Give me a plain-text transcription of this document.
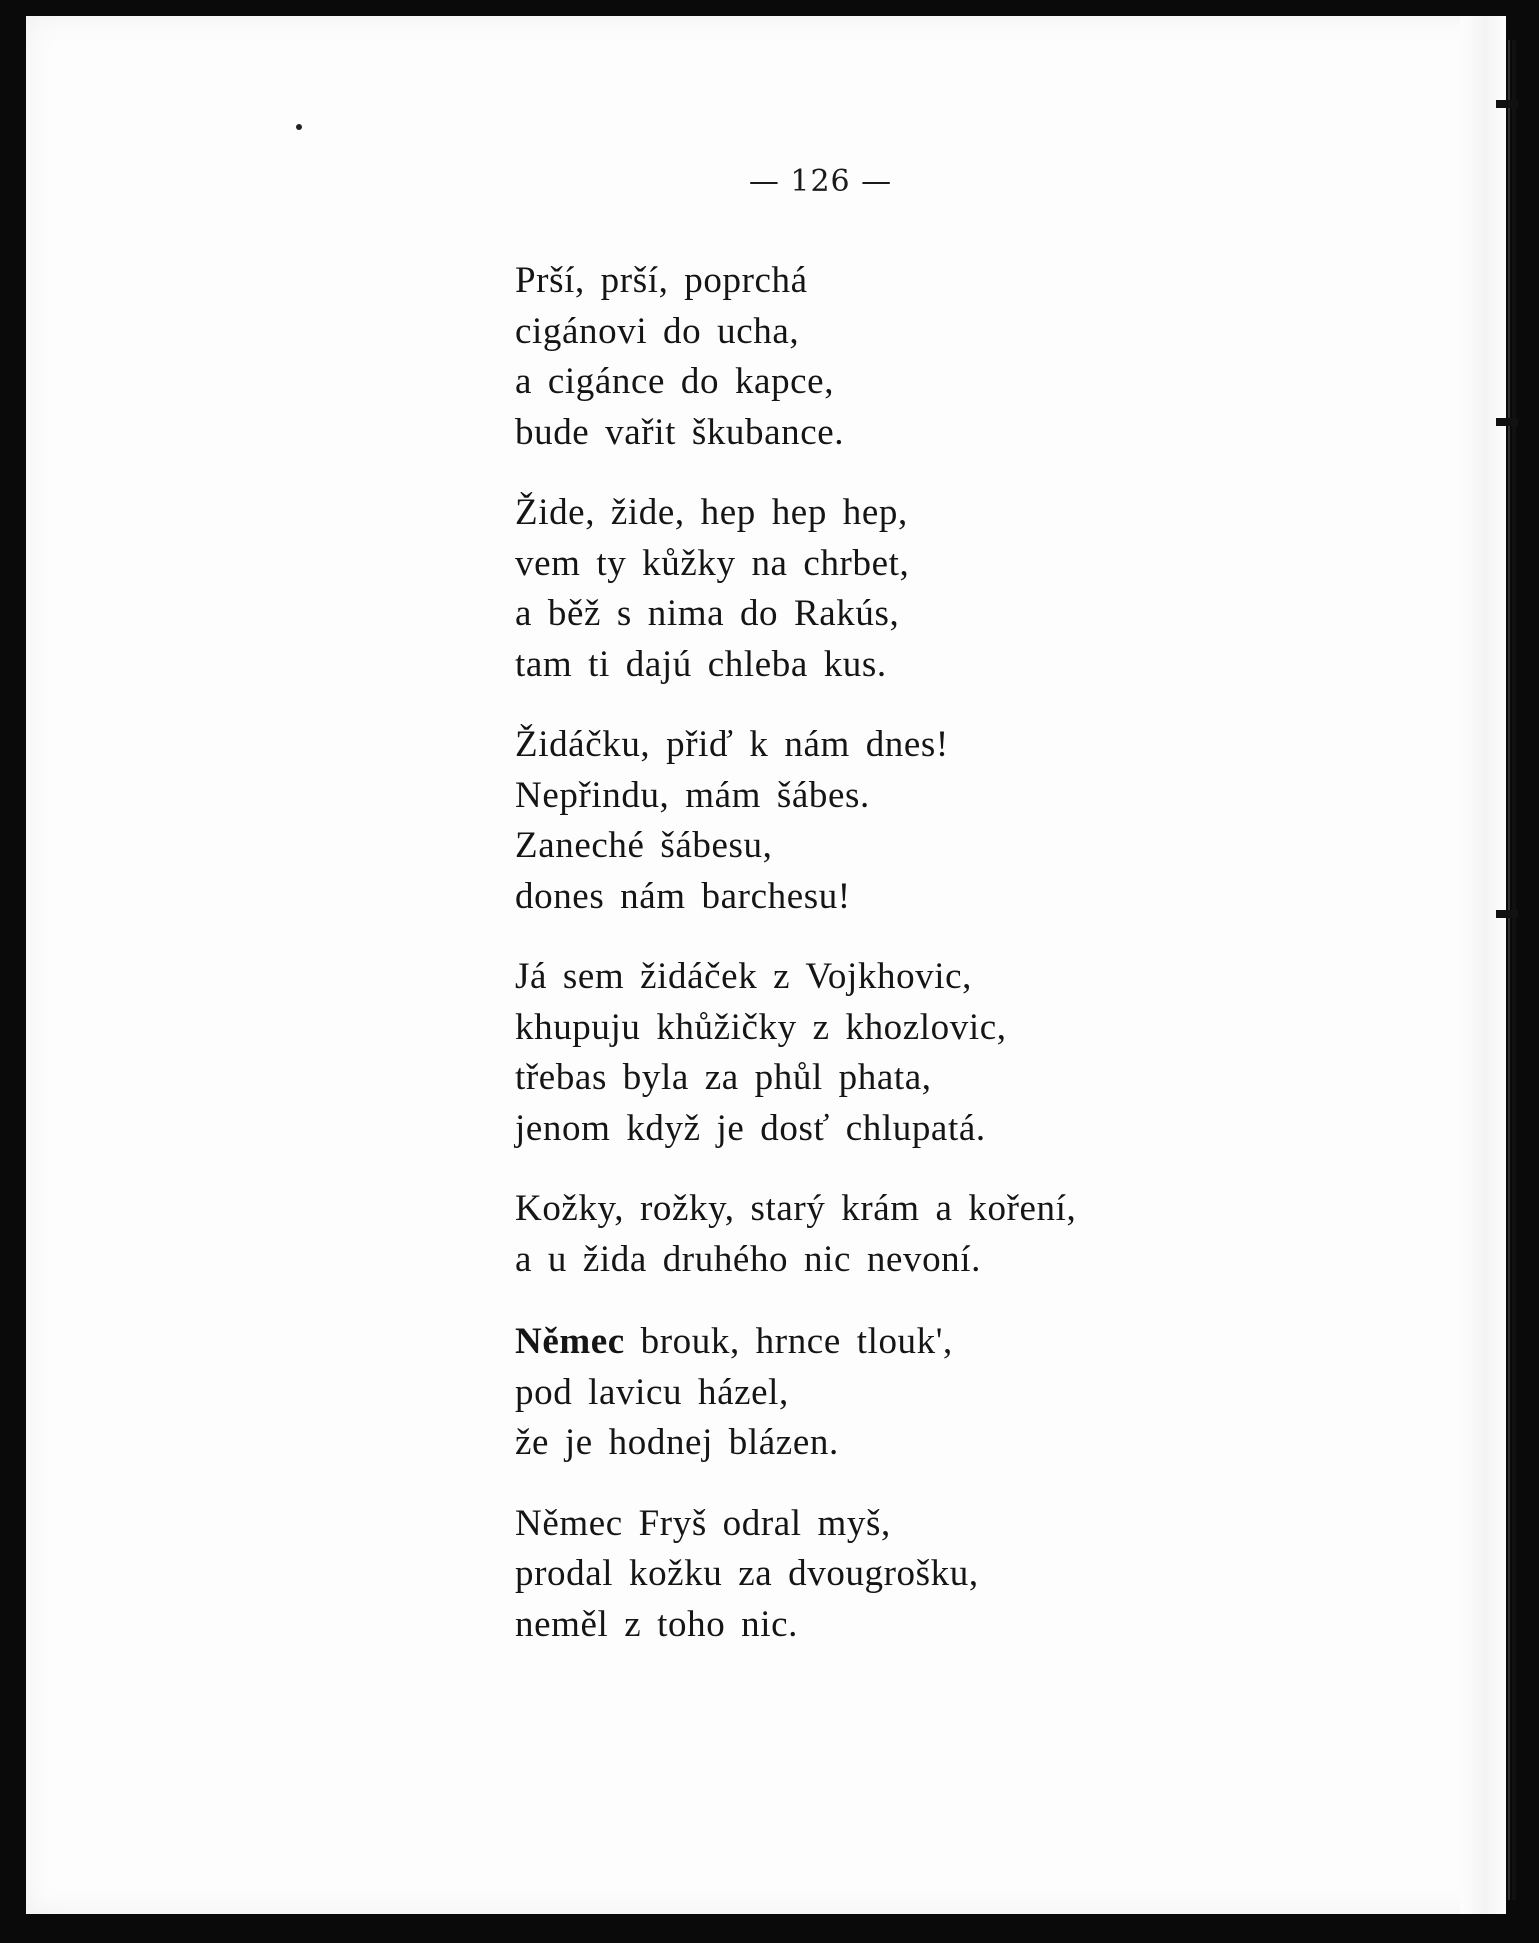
— 126 —
Prší, prší, poprchá
cigánovi do ucha,
a cigánce do kapce,
bude vařit škubance.
Žide, žide, hep hep hep,
vem ty kůžky na chrbet,
a běž s nima do Rakús,
tam ti dajú chleba kus.
Židáčku, přiď k nám dnes!
Nepřindu, mám šábes.
Zaneché šábesu,
dones nám barchesu!
Já sem židáček z Vojkhovic,
khupuju khůžičky z khozlovic,
třebas byla za phůl phata,
jenom když je dosť chlupatá.
Kožky, rožky, starý krám a koření,
a u žida druhého nic nevoní.
Němec brouk, hrnce tlouk',
pod lavicu házel,
že je hodnej blázen.
Němec Fryš odral myš,
prodal kožku za dvougrošku,
neměl z toho nic.
